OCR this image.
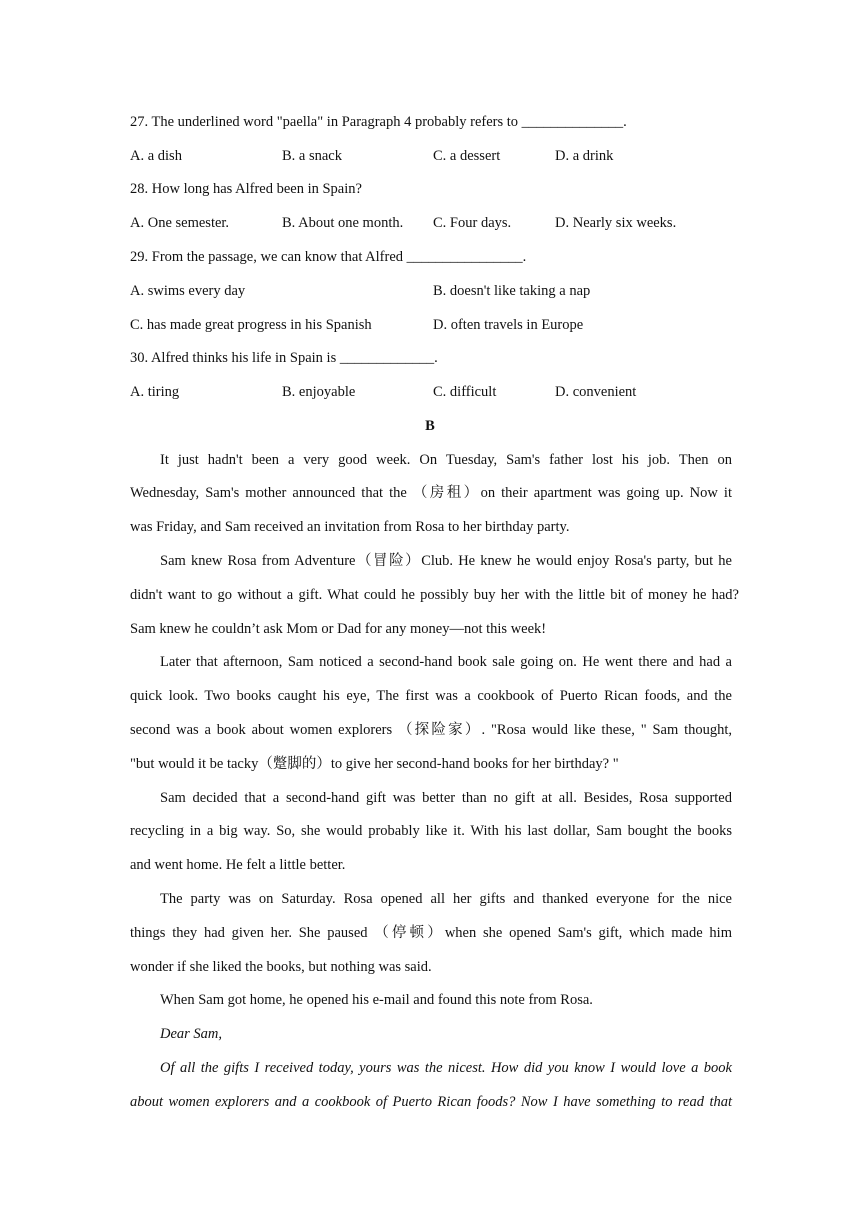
27. The underlined word "paella" in Paragraph 4 probably refers to ______________.
A. a dish	B. a snack	C. a dessert	D. a drink
28. How long has Alfred been in Spain?
A. One semester.	B. About one month. C. Four days.	D. Nearly six weeks.
29. From the passage, we can know that Alfred ________________.
A. swims every day	B. doesn't like taking a nap
C. has made great progress in his Spanish	D. often travels in Europe
30. Alfred thinks his life in Spain is _____________.
A. tiring	B. enjoyable	C. difficult	D. convenient
B
It just hadn't been a very good week. On Tuesday, Sam's father lost his job. Then on
Wednesday, Sam's mother announced that the （房租）on their apartment was going up. Now it
was Friday, and Sam received an invitation from Rosa to her birthday party.
Sam knew Rosa from Adventure（冒险）Club. He knew he would enjoy Rosa's party, but he
didn't want to go without a gift. What could he possibly buy her with the little bit of money he had?
Sam knew he couldn’t ask Mom or Dad for any money—not this week!
Later that afternoon, Sam noticed a second-hand book sale going on. He went there and had a
quick look. Two books caught his eye, The first was a cookbook of Puerto Rican foods, and the
second was a book about women explorers （探险家）. "Rosa would like these, " Sam thought,
"but would it be tacky（蹩脚的）to give her second-hand books for her birthday? "
Sam decided that a second-hand gift was better than no gift at all. Besides, Rosa supported
recycling in a big way. So, she would probably like it. With his last dollar, Sam bought the books
and went home. He felt a little better.
The party was on Saturday. Rosa opened all her gifts and thanked everyone for the nice
things they had given her. She paused （停顿）when she opened Sam's gift, which made him
wonder if she liked the books, but nothing was said.
When Sam got home, he opened his e-mail and found this note from Rosa.
Dear Sam,
Of all the gifts I received today, yours was the nicest. How did you know I would love a book
about women explorers and a cookbook of Puerto Rican foods? Now I have something to read that
